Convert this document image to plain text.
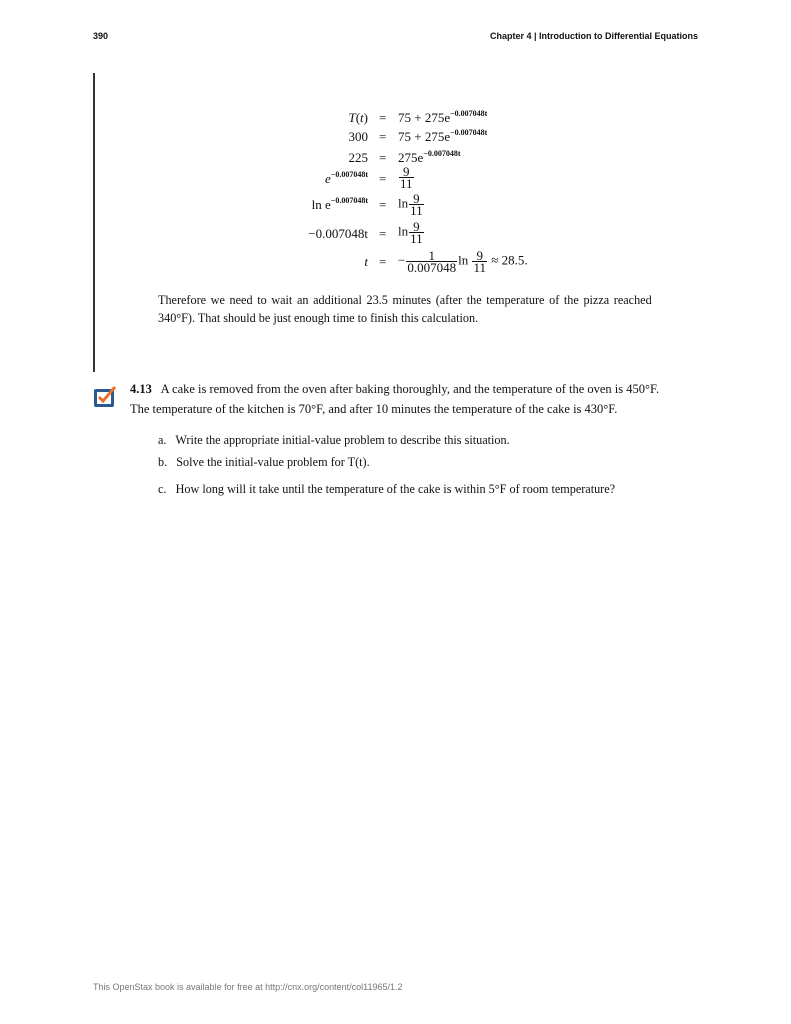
390	Chapter 4 | Introduction to Differential Equations
T(t)
300
225
$e^{-0.007048t}$
$\ln e^{-0.007048t}$
−0.007048t
t
=
=
=
=
=
=
=
$75 + 275e^{-0.007048t}$
$75 + 275e^{-0.007048t}$
$275e^{-0.007048t}$
$\frac{9}{11}$
$\ln \frac{9}{11}$
$\ln \frac{9}{11}$
− $\frac{1}{0.007048}$ $\ln \frac{9}{11} \approx 28.5$.
Therefore we need to wait an additional 23.5 minutes (after the temperature of the pizza reached
340°F). That should be just enough time to finish this calculation.
4.13 A cake is removed from the oven after baking thoroughly, and the temperature of the oven is 450°F.
The temperature of the kitchen is 70°F, and after 10 minutes the temperature of the cake is 430°F.
a. Write the appropriate initial-value problem to describe this situation.
b. Solve the initial-value problem for T(t).
c. How long will it take until the temperature of the cake is within 5°F of room temperature?
This OpenStax book is available for free at http://cnx.org/content/col11965/1.2
